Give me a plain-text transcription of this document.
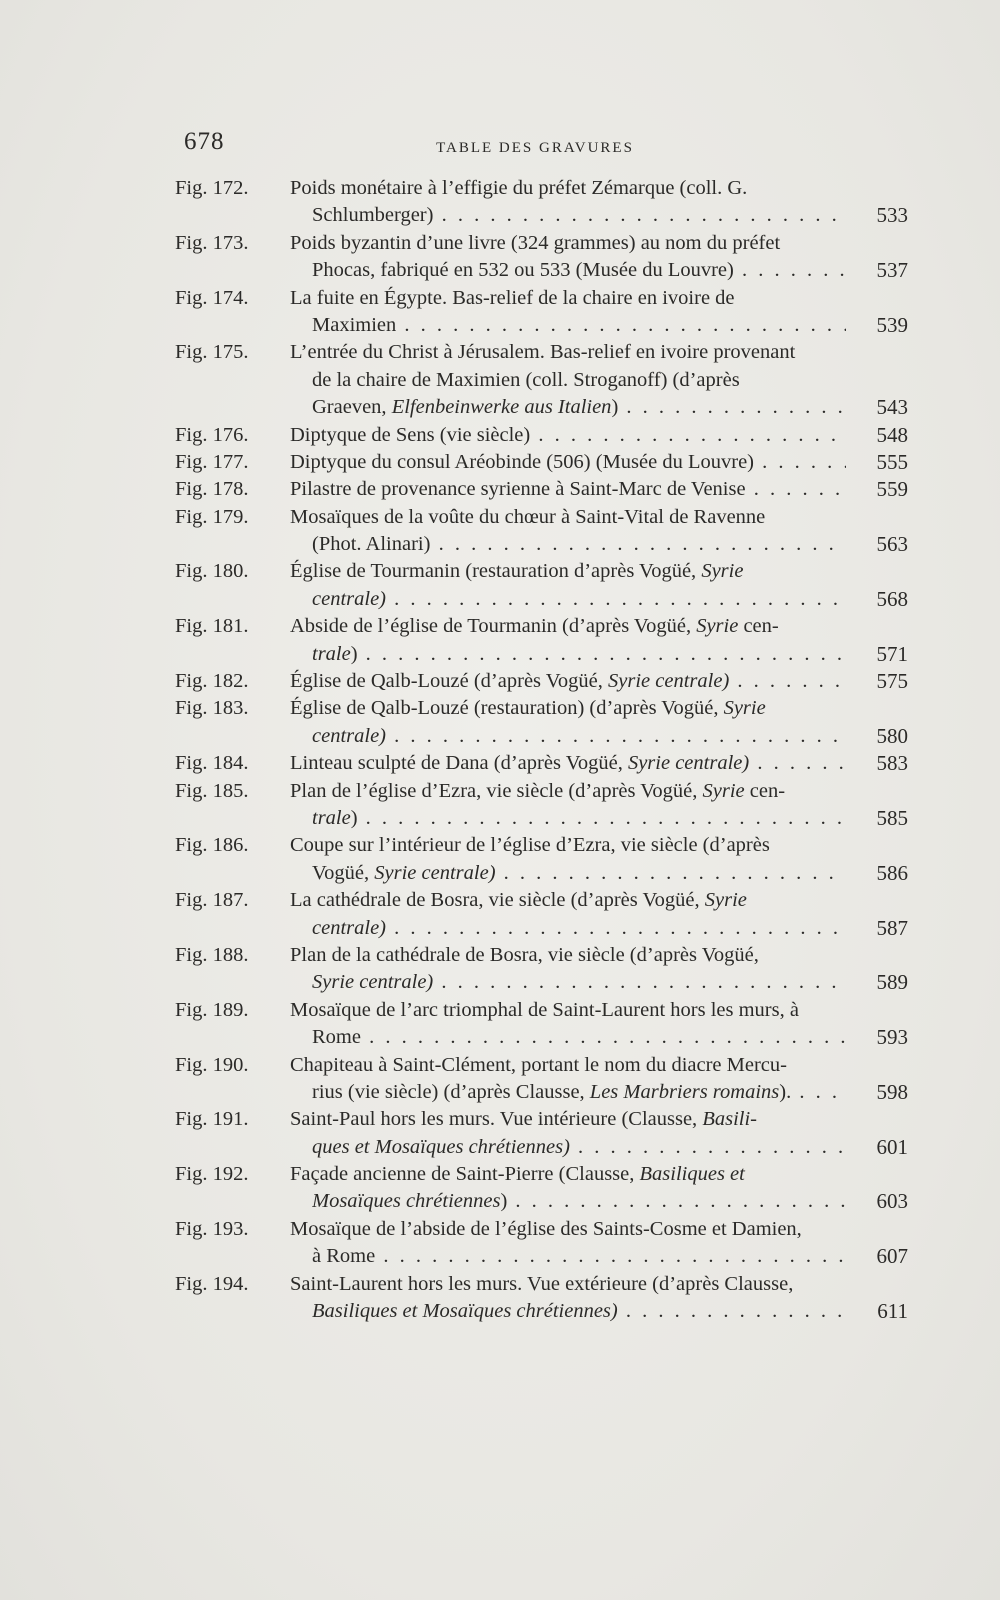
678	TABLE DES GRAVURES
Fig. 172.	Poids monétaire à l’effigie du préfet Zémarque (coll. G.
Schlumberger) . . .	533
Fig. 173.	Poids byzantin d’une livre (324 grammes) au nom du préfet
Phocas, fabriqué en 532 ou 533 (Musée du Louvre) . . .	537
Fig. 174.	La fuite en Égypte. Bas-relief de la chaire en ivoire de
Maximien . . .	539
Fig. 175.	L’entrée du Christ à Jérusalem. Bas-relief en ivoire provenant
de la chaire de Maximien (coll. Stroganoff) (d’après
Graeven, Elfenbeinwerke aus Italien) . . .	543
Fig. 176.	Diptyque de Sens (vie siècle) . . .	548
Fig. 177.	Diptyque du consul Aréobinde (506) (Musée du Louvre) . . .	555
Fig. 178.	Pilastre de provenance syrienne à Saint-Marc de Venise . . .	559
Fig. 179.	Mosaïques de la voûte du chœur à Saint-Vital de Ravenne
(Phot. Alinari) . . .	563
Fig. 180.	Église de Tourmanin (restauration d’après Vogüé, Syrie
centrale) . . .	568
Fig. 181.	Abside de l’église de Tourmanin (d’après Vogüé, Syrie cen-
trale) . . .	571
Fig. 182.	Église de Qalb-Louzé (d’après Vogüé, Syrie centrale) . . .	575
Fig. 183.	Église de Qalb-Louzé (restauration) (d’après Vogüé, Syrie
centrale) . . .	580
Fig. 184.	Linteau sculpté de Dana (d’après Vogüé, Syrie centrale) . . .	583
Fig. 185.	Plan de l’église d’Ezra, vie siècle (d’après Vogüé, Syrie cen-
trale) . . .	585
Fig. 186.	Coupe sur l’intérieur de l’église d’Ezra, vie siècle (d’après
Vogüé, Syrie centrale) . . .	586
Fig. 187.	La cathédrale de Bosra, vie siècle (d’après Vogüé, Syrie
centrale) . . .	587
Fig. 188.	Plan de la cathédrale de Bosra, vie siècle (d’après Vogüé,
Syrie centrale) . . .	589
Fig. 189.	Mosaïque de l’arc triomphal de Saint-Laurent hors les murs, à
Rome . . .	593
Fig. 190.	Chapiteau à Saint-Clément, portant le nom du diacre Mercu-
rius (vie siècle) (d’après Clausse, Les Marbriers romains). . . .	598
Fig. 191.	Saint-Paul hors les murs. Vue intérieure (Clausse, Basili-
ques et Mosaïques chrétiennes) . . .	601
Fig. 192.	Façade ancienne de Saint-Pierre (Clausse, Basiliques et
Mosaïques chrétiennes) . . .	603
Fig. 193.	Mosaïque de l’abside de l’église des Saints-Cosme et Damien,
à Rome . . .	607
Fig. 194.	Saint-Laurent hors les murs. Vue extérieure (d’après Clausse,
Basiliques et Mosaïques chrétiennes) . . .	611
